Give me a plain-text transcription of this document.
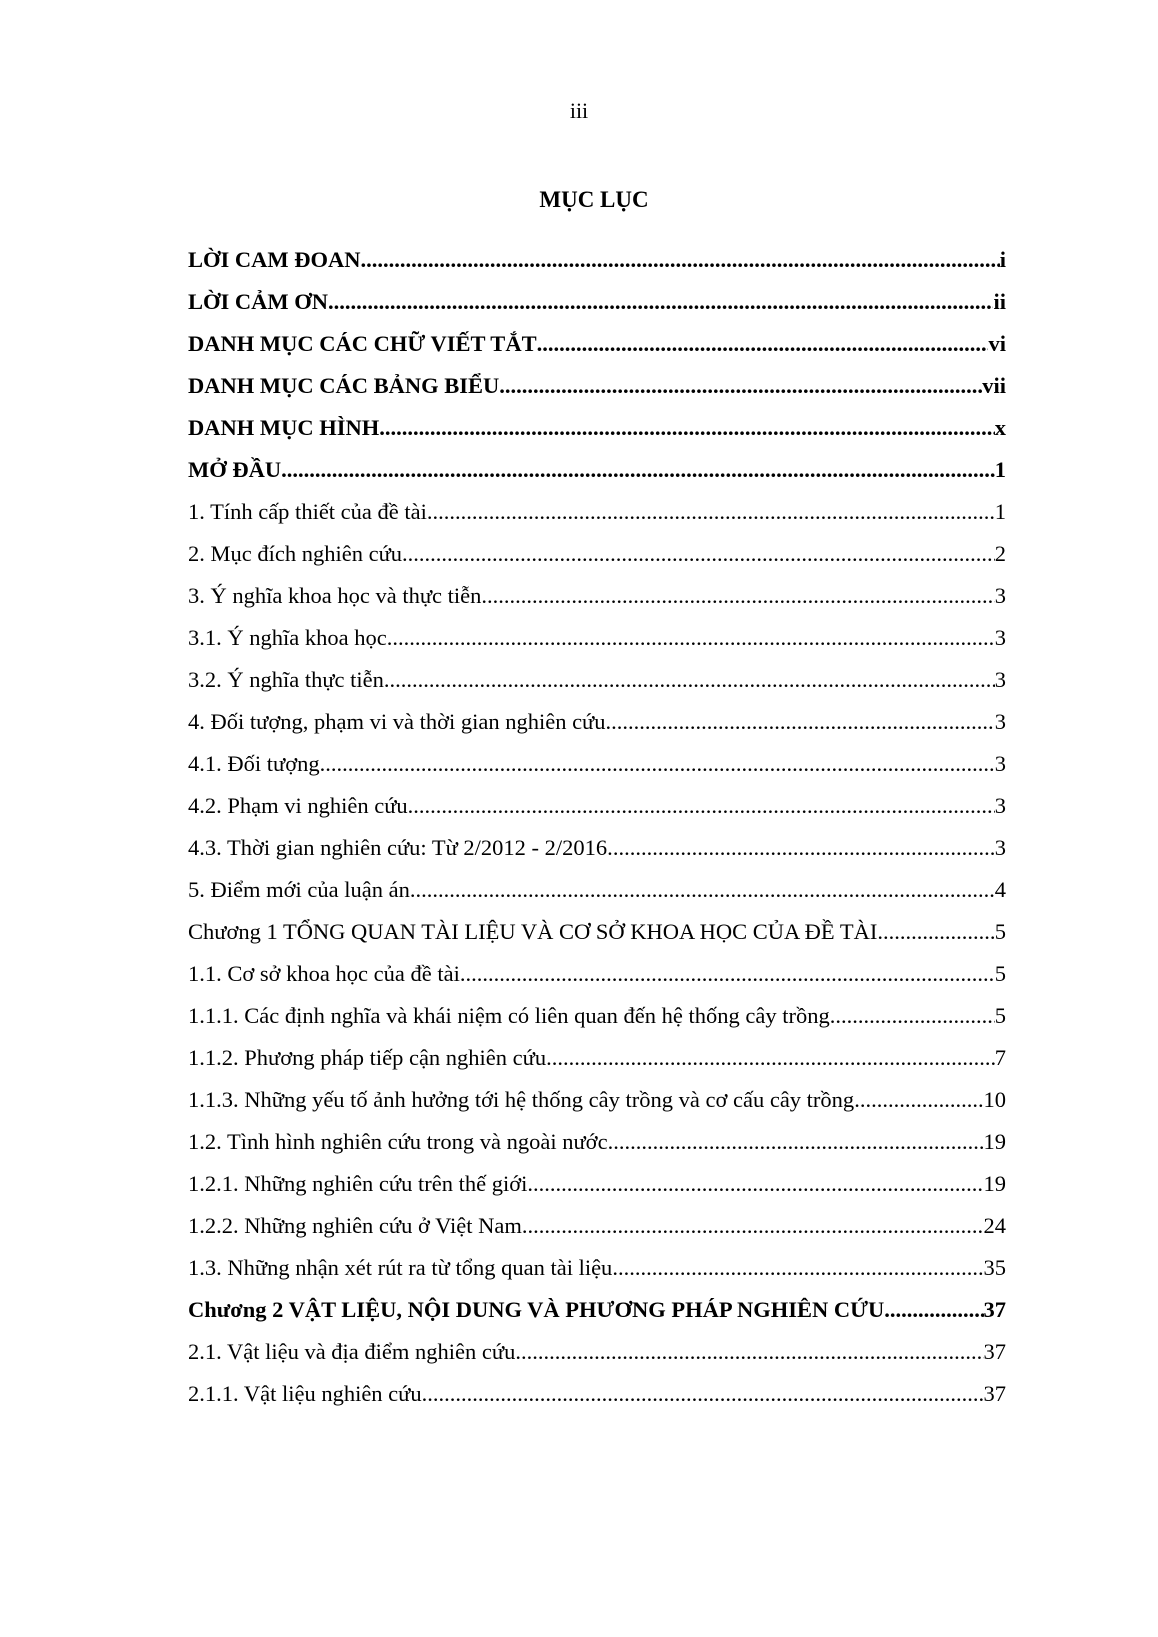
iii
MỤC LỤC
LỜI CAM ĐOAN .....	i
LỜI CẢM ƠN .....	ii
DANH MỤC CÁC CHỮ VIẾT TẮT .....	vi
DANH MỤC CÁC BẢNG BIỂU .....	vii
DANH MỤC HÌNH .....	x
MỞ ĐẦU .....	1
1. Tính cấp thiết của đề tài .....	1
2. Mục đích nghiên cứu .....	2
3. Ý nghĩa khoa học và thực tiễn .....	3
3.1. Ý nghĩa khoa học .....	3
3.2. Ý nghĩa thực tiễn .....	3
4. Đối tượng, phạm vi và thời gian nghiên cứu .....	3
4.1. Đối tượng .....	3
4.2. Phạm vi nghiên cứu .....	3
4.3. Thời gian nghiên cứu: Từ 2/2012 - 2/2016. .....	3
5. Điểm mới của luận án .....	4
Chương 1 TỔNG QUAN TÀI LIỆU VÀ CƠ SỞ KHOA HỌC CỦA ĐỀ TÀI .....	5
1.1. Cơ sở khoa học của đề tài .....	5
1.1.1. Các định nghĩa và khái niệm có liên quan đến hệ thống cây trồng .....	5
1.1.2. Phương pháp tiếp cận nghiên cứu .....	7
1.1.3. Những yếu tố ảnh hưởng tới hệ thống cây trồng và cơ cấu cây trồng .....	10
1.2. Tình hình nghiên cứu trong và ngoài nước .....	19
1.2.1. Những nghiên cứu trên thế giới .....	19
1.2.2. Những nghiên cứu ở Việt Nam .....	24
1.3. Những nhận xét rút ra từ tổng quan tài liệu .....	35
Chương 2 VẬT LIỆU, NỘI DUNG VÀ PHƯƠNG PHÁP NGHIÊN CỨU .....	37
2.1. Vật liệu và địa điểm nghiên cứu .....	37
2.1.1. Vật liệu nghiên cứu .....	37
